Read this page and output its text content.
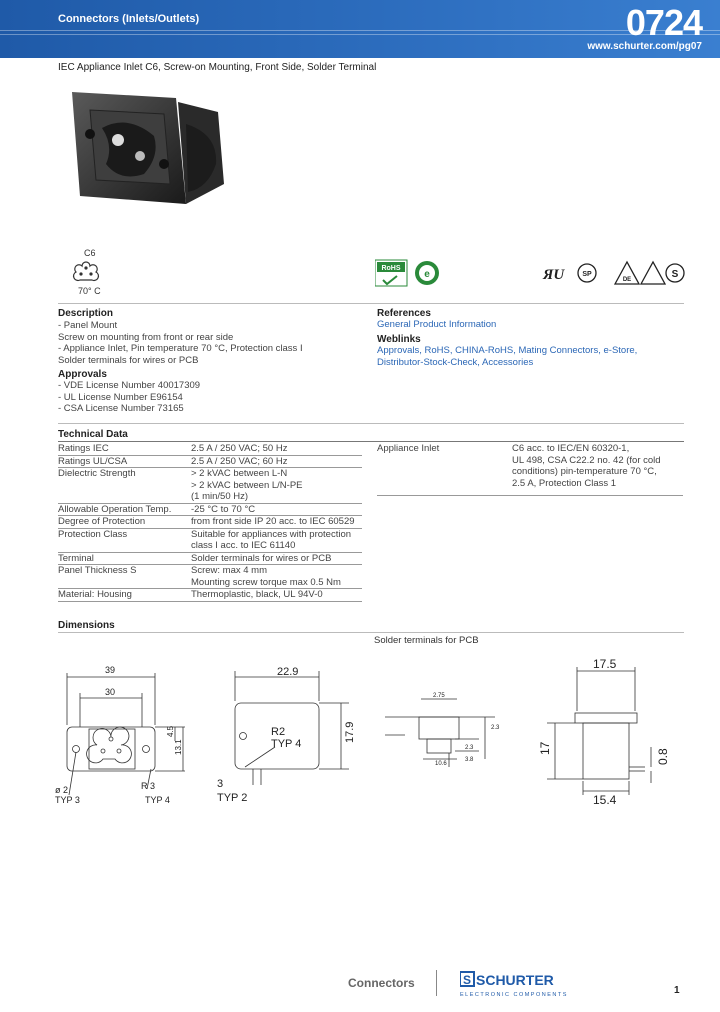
Connectors (Inlets/Outlets)	0724
www.schurter.com/pg07
IEC Appliance Inlet C6, Screw-on Mounting, Front Side, Solder Terminal
C6
70° C
RoHS
e	ЯU	SP
DE	S
Description
- Panel Mount
Screw on mounting from front or rear side
- Appliance Inlet, Pin temperature 70 °C, Protection class I
Solder terminals for wires or PCB
Approvals
- VDE License Number 40017309
- UL License Number E96154
- CSA License Number 73165
References
General Product Information
Weblinks
Approvals, RoHS, CHINA-RoHS, Mating Connectors, e-Store,
Distributor-Stock-Check, Accessories
Technical Data
Ratings IEC	2.5 A / 250 VAC; 50 Hz
Ratings UL/CSA	2.5 A / 250 VAC; 60 Hz
Dielectric Strength	> 2 kVAC between L-N
> 2 kVAC between L/N-PE
(1 min/50 Hz)
Allowable Operation Temp.	-25 °C to 70 °C
Degree of Protection	from front side IP 20 acc. to IEC 60529
Protection Class	Suitable for appliances with protection
class I acc. to IEC 61140
Terminal	Solder terminals for wires or PCB
Panel Thickness S	Screw: max 4 mm
Mounting screw torque max 0.5 Nm
Material: Housing	Thermoplastic, black, UL 94V-0
Appliance Inlet	C6 acc. to IEC/EN 60320-1,
UL 498, CSA C22.2 no. 42 (for cold
conditions) pin-temperature 70 °C,
2.5 A, Protection Class 1
Dimensions
Solder terminals for PCB
39
30
4.5
13.1
ø 2
TYP 3
R 3
TYP 4
22.9
17.9
R2
TYP 4
3
TYP 2
2.75
2.3
2.3
10.6
3.8
17.5
17
15.4
0.8
Connectors	S SCHURTER
ELECTRONIC COMPONENTS	1
